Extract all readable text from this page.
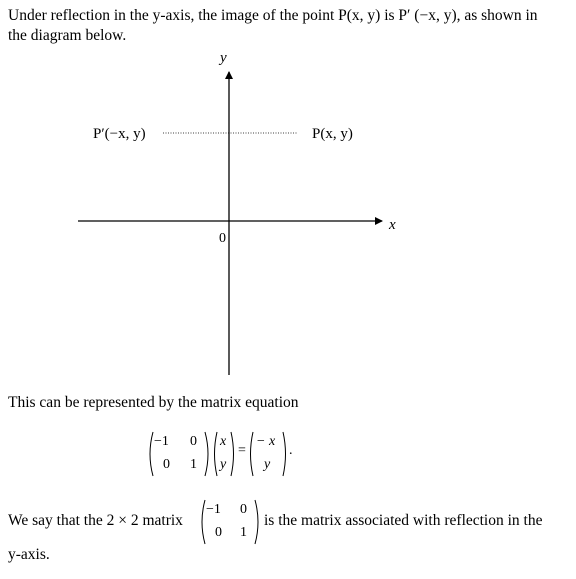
Under reflection in the y-axis, the image of the point P(x, y) is P′ (−x, y), as shown in
the diagram below.
y
x
0
P(x, y)
P′(−x, y)
This can be represented by the matrix equation
−1 0
0 1
x
y
=
− x
y
.
We say that the 2 × 2 matrix
−1 0
0 1
is the matrix associated with reflection in the
y-axis.
